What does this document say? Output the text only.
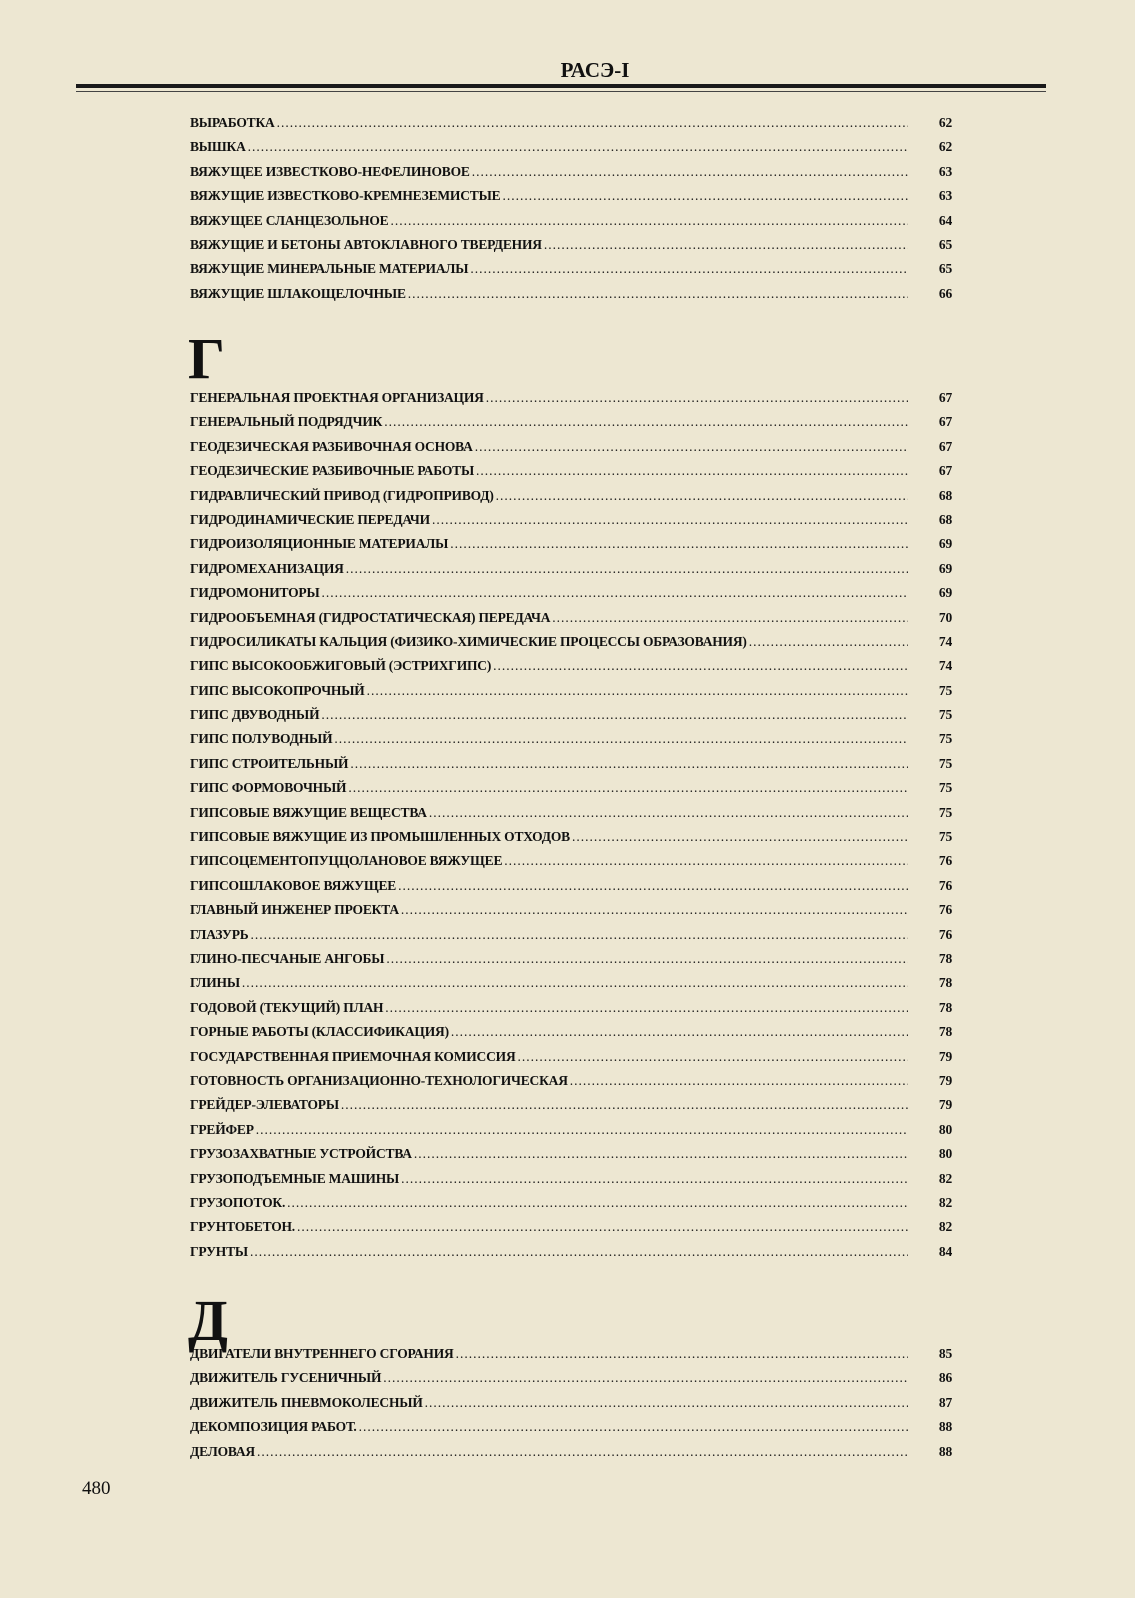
РАСЭ-I
ВЫРАБОТКА .....	62
ВЫШКА .....	62
ВЯЖУЩЕЕ ИЗВЕСТКОВО-НЕФЕЛИНОВОЕ .....	63
ВЯЖУЩИЕ ИЗВЕСТКОВО-КРЕМНЕЗЕМИСТЫЕ .....	63
ВЯЖУЩЕЕ СЛАНЦЕЗОЛЬНОЕ .....	64
ВЯЖУЩИЕ И БЕТОНЫ АВТОКЛАВНОГО ТВЕРДЕНИЯ .....	65
ВЯЖУЩИЕ МИНЕРАЛЬНЫЕ МАТЕРИАЛЫ .....	65
ВЯЖУЩИЕ ШЛАКОЩЕЛОЧНЫЕ .....	66
Г
ГЕНЕРАЛЬНАЯ ПРОЕКТНАЯ ОРГАНИЗАЦИЯ .....	67
ГЕНЕРАЛЬНЫЙ ПОДРЯДЧИК .....	67
ГЕОДЕЗИЧЕСКАЯ РАЗБИВОЧНАЯ ОСНОВА .....	67
ГЕОДЕЗИЧЕСКИЕ РАЗБИВОЧНЫЕ РАБОТЫ .....	67
ГИДРАВЛИЧЕСКИЙ ПРИВОД (ГИДРОПРИВОД) .....	68
ГИДРОДИНАМИЧЕСКИЕ ПЕРЕДАЧИ .....	68
ГИДРОИЗОЛЯЦИОННЫЕ МАТЕРИАЛЫ .....	69
ГИДРОМЕХАНИЗАЦИЯ .....	69
ГИДРОМОНИТОРЫ .....	69
ГИДРООБЪЕМНАЯ (ГИДРОСТАТИЧЕСКАЯ) ПЕРЕДАЧА .....	70
ГИДРОСИЛИКАТЫ КАЛЬЦИЯ (ФИЗИКО-ХИМИЧЕСКИЕ ПРОЦЕССЫ ОБРАЗОВАНИЯ) .....	74
ГИПС ВЫСОКООБЖИГОВЫЙ (ЭСТРИХГИПС) .....	74
ГИПС ВЫСОКОПРОЧНЫЙ .....	75
ГИПС ДВУВОДНЫЙ .....	75
ГИПС ПОЛУВОДНЫЙ .....	75
ГИПС СТРОИТЕЛЬНЫЙ .....	75
ГИПС ФОРМОВОЧНЫЙ .....	75
ГИПСОВЫЕ ВЯЖУЩИЕ ВЕЩЕСТВА .....	75
ГИПСОВЫЕ ВЯЖУЩИЕ ИЗ ПРОМЫШЛЕННЫХ ОТХОДОВ .....	75
ГИПСОЦЕМЕНТОПУЦЦОЛАНОВОЕ ВЯЖУЩЕЕ .....	76
ГИПСОШЛАКОВОЕ ВЯЖУЩЕЕ .....	76
ГЛАВНЫЙ ИНЖЕНЕР ПРОЕКТА .....	76
ГЛАЗУРЬ .....	76
ГЛИНО-ПЕСЧАНЫЕ АНГОБЫ .....	78
ГЛИНЫ .....	78
ГОДОВОЙ (ТЕКУЩИЙ) ПЛАН .....	78
ГОРНЫЕ РАБОТЫ (КЛАССИФИКАЦИЯ) .....	78
ГОСУДАРСТВЕННАЯ ПРИЕМОЧНАЯ КОМИССИЯ .....	79
ГОТОВНОСТЬ ОРГАНИЗАЦИОННО-ТЕХНОЛОГИЧЕСКАЯ .....	79
ГРЕЙДЕР-ЭЛЕВАТОРЫ .....	79
ГРЕЙФЕР .....	80
ГРУЗОЗАХВАТНЫЕ УСТРОЙСТВА .....	80
ГРУЗОПОДЪЕМНЫЕ МАШИНЫ .....	82
ГРУЗОПОТОК. .....	82
ГРУНТОБЕТОН. .....	82
ГРУНТЫ .....	84
Д
ДВИГАТЕЛИ ВНУТРЕННЕГО СГОРАНИЯ .....	85
ДВИЖИТЕЛЬ ГУСЕНИЧНЫЙ .....	86
ДВИЖИТЕЛЬ ПНЕВМОКОЛЕСНЫЙ .....	87
ДЕКОМПОЗИЦИЯ РАБОТ. .....	88
ДЕЛОВАЯ .....	88
480
